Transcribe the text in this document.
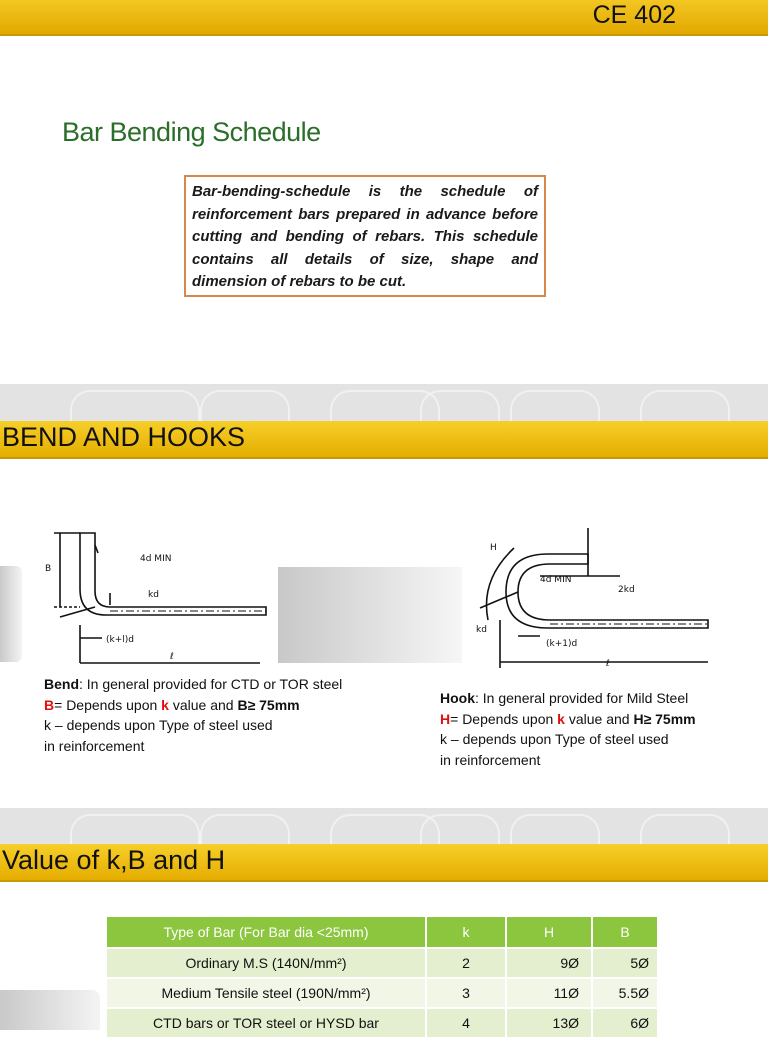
CE 402
Bar Bending Schedule
Bar-bending-schedule is the schedule of reinforcement bars prepared in advance before cutting and bending of rebars. This schedule contains all details of size, shape and dimension of rebars to be cut.
BEND AND HOOKS
B
4d MIN
kd
(k+l)d
ℓ
H
4d MIN
2kd
kd
(k+1)d
ℓ
Bend: In general provided for CTD or TOR steel
B= Depends upon k value and B≥ 75mm
k – depends upon Type of steel used
in reinforcement
Hook: In general provided for Mild Steel
H= Depends upon k value and H≥ 75mm
k – depends upon Type of steel used
in reinforcement
Value of k,B and H
Type of Bar (For Bar dia <25mm)	k	H	B
Ordinary M.S (140N/mm²)	2	9Ø	5Ø
Medium Tensile steel (190N/mm²)	3	11Ø	5.5Ø
CTD bars or TOR steel or HYSD bar	4	13Ø	6Ø
